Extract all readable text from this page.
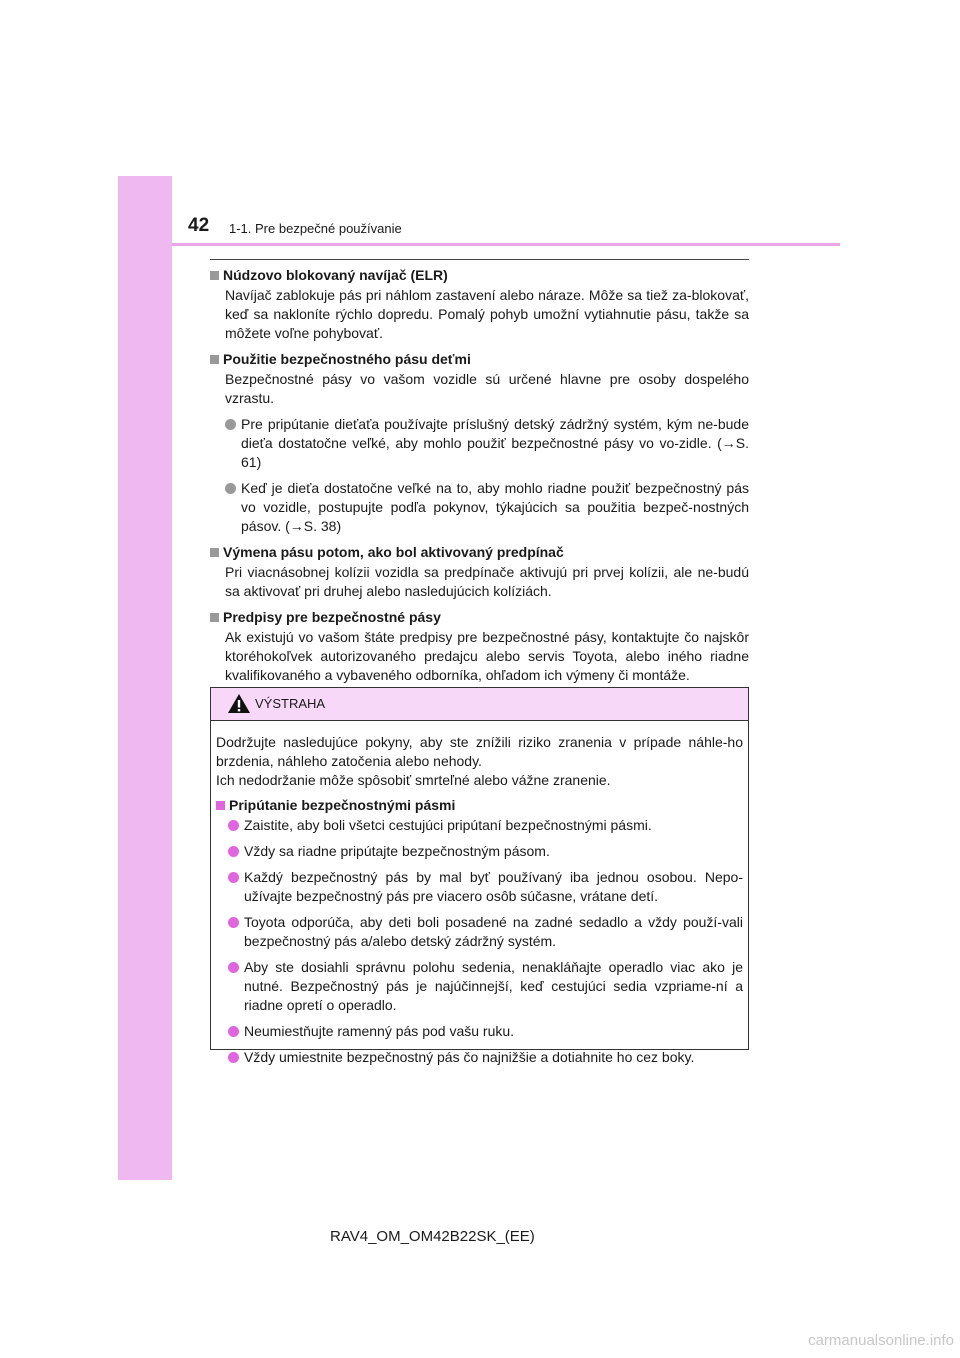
42 1-1. Pre bezpečné používanie
Núdzovo blokovaný navíjač (ELR)
Navíjač zablokuje pás pri náhlom zastavení alebo náraze. Môže sa tiež za-blokovať, keď sa nakloníte rýchlo dopredu. Pomalý pohyb umožní vytiahnutie pásu, takže sa môžete voľne pohybovať.
Použitie bezpečnostného pásu deťmi
Bezpečnostné pásy vo vašom vozidle sú určené hlavne pre osoby dospelého vzrastu.
Pre pripútanie dieťaťa používajte príslušný detský zádržný systém, kým ne-bude dieťa dostatočne veľké, aby mohlo použiť bezpečnostné pásy vo vo-zidle. (→S. 61)
Keď je dieťa dostatočne veľké na to, aby mohlo riadne použiť bezpečnostný pás vo vozidle, postupujte podľa pokynov, týkajúcich sa použitia bezpeč-nostných pásov. (→S. 38)
Výmena pásu potom, ako bol aktivovaný predpínač
Pri viacnásobnej kolízii vozidla sa predpínače aktivujú pri prvej kolízii, ale ne-budú sa aktivovať pri druhej alebo nasledujúcich kolíziách.
Predpisy pre bezpečnostné pásy
Ak existujú vo vašom štáte predpisy pre bezpečnostné pásy, kontaktujte čo najskôr ktoréhokoľvek autorizovaného predajcu alebo servis Toyota, alebo iného riadne kvalifikovaného a vybaveného odborníka, ohľadom ich výmeny či montáže.
VÝSTRAHA
Dodržujte nasledujúce pokyny, aby ste znížili riziko zranenia v prípade náhle-ho brzdenia, náhleho zatočenia alebo nehody.
Ich nedodržanie môže spôsobiť smrteľné alebo vážne zranenie.
Pripútanie bezpečnostnými pásmi
Zaistite, aby boli všetci cestujúci pripútaní bezpečnostnými pásmi.
Vždy sa riadne pripútajte bezpečnostným pásom.
Každý bezpečnostný pás by mal byť používaný iba jednou osobou. Nepo-užívajte bezpečnostný pás pre viacero osôb súčasne, vrátane detí.
Toyota odporúča, aby deti boli posadené na zadné sedadlo a vždy použí-vali bezpečnostný pás a/alebo detský zádržný systém.
Aby ste dosiahli správnu polohu sedenia, nenakláňajte operadlo viac ako je nutné. Bezpečnostný pás je najúčinnejší, keď cestujúci sedia vzpriame-ní a riadne opretí o operadlo.
Neumiestňujte ramenný pás pod vašu ruku.
Vždy umiestnite bezpečnostný pás čo najnižšie a dotiahnite ho cez boky.
RAV4_OM_OM42B22SK_(EE)
carmanualsonline.info
